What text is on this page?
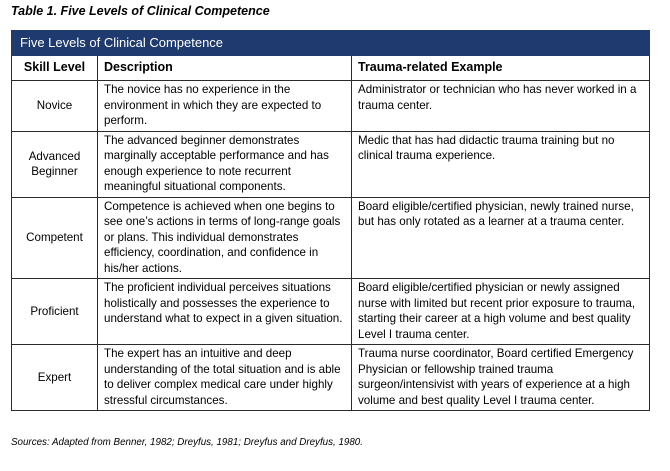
Table 1. Five Levels of Clinical Competence
Five Levels of Clinical Competence		
Skill Level	Description	Trauma-related Example
Novice	The novice has no experience in the environment in which they are expected to perform.	Administrator or technician who has never worked in a trauma center.
Advanced Beginner	The advanced beginner demonstrates marginally acceptable performance and has enough experience to note recurrent meaningful situational components.	Medic that has had didactic trauma training but no clinical trauma experience.
Competent	Competence is achieved when one begins to see one’s actions in terms of long-range goals or plans. This individual demonstrates efficiency, coordination, and confidence in his/her actions.	Board eligible/certified physician, newly trained nurse, but has only rotated as a learner at a trauma center.
Proficient	The proficient individual perceives situations holistically and possesses the experience to understand what to expect in a given situation.	Board eligible/certified physician or newly assigned nurse with limited but recent prior exposure to trauma, starting their career at a high volume and best quality Level I trauma center.
Expert	The expert has an intuitive and deep understanding of the total situation and is able to deliver complex medical care under highly stressful circumstances.	Trauma nurse coordinator, Board certified Emergency Physician or fellowship trained trauma surgeon/intensivist with years of experience at a high volume and best quality Level I trauma center.
Sources: Adapted from Benner, 1982; Dreyfus, 1981; Dreyfus and Dreyfus, 1980.
